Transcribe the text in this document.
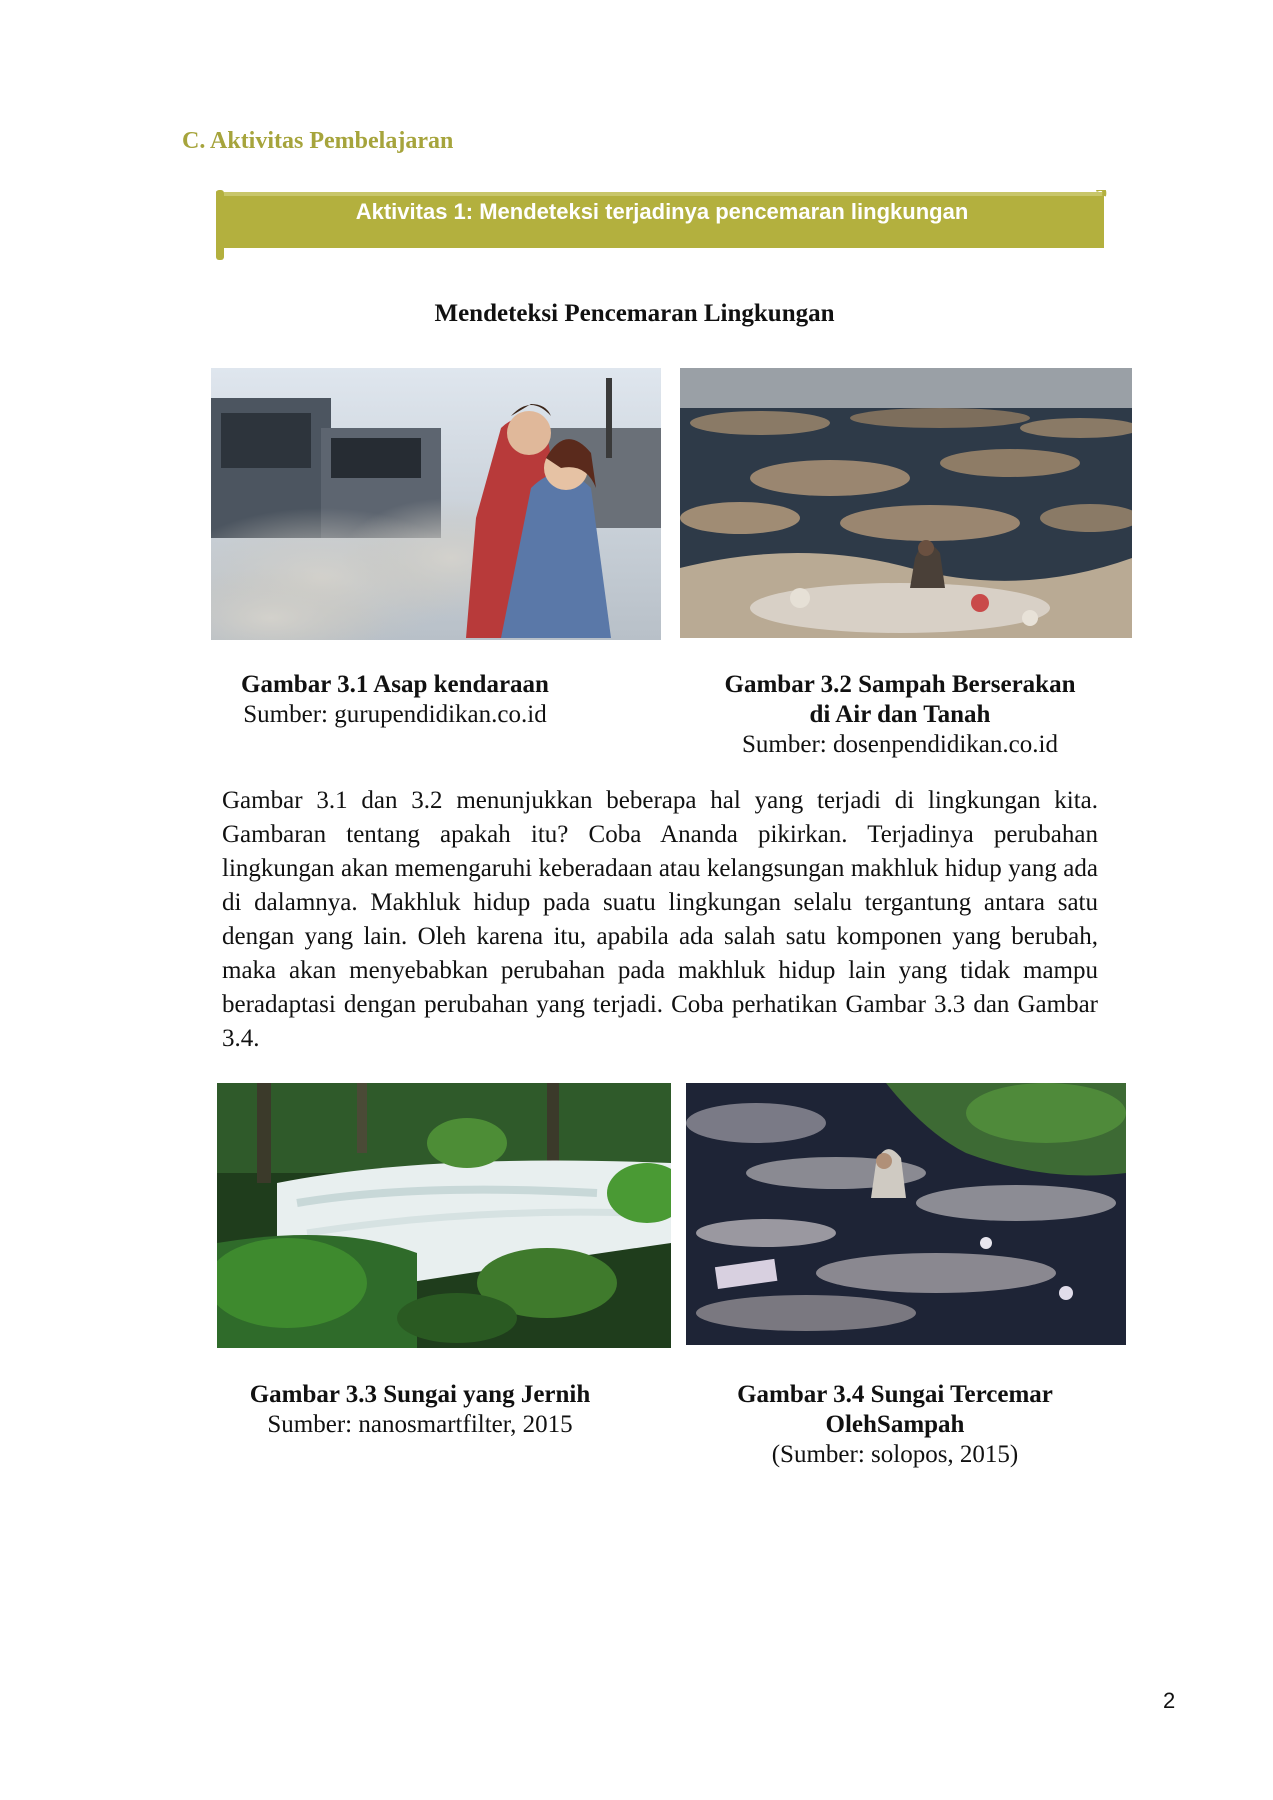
C. Aktivitas Pembelajaran
Aktivitas 1: Mendeteksi terjadinya pencemaran lingkungan
Mendeteksi Pencemaran Lingkungan
Gambar 3.1 Asap kendaraan
Sumber: gurupendidikan.co.id
Gambar 3.2 Sampah Berserakan
di Air dan Tanah
Sumber: dosenpendidikan.co.id
Gambar 3.1 dan 3.2 menunjukkan beberapa hal yang terjadi di lingkungan kita. Gambaran tentang apakah itu? Coba Ananda pikirkan. Terjadinya perubahan lingkungan akan memengaruhi keberadaan atau kelangsungan makhluk hidup yang ada di dalamnya. Makhluk hidup pada suatu lingkungan selalu tergantung antara satu dengan yang lain. Oleh karena itu, apabila ada salah satu komponen yang berubah, maka akan menyebabkan perubahan pada makhluk hidup lain yang tidak mampu beradaptasi dengan perubahan yang terjadi. Coba perhatikan Gambar 3.3 dan Gambar 3.4.
Gambar 3.3 Sungai yang Jernih
Sumber: nanosmartfilter, 2015
Gambar 3.4 Sungai Tercemar
OlehSampah
(Sumber: solopos, 2015)
2
